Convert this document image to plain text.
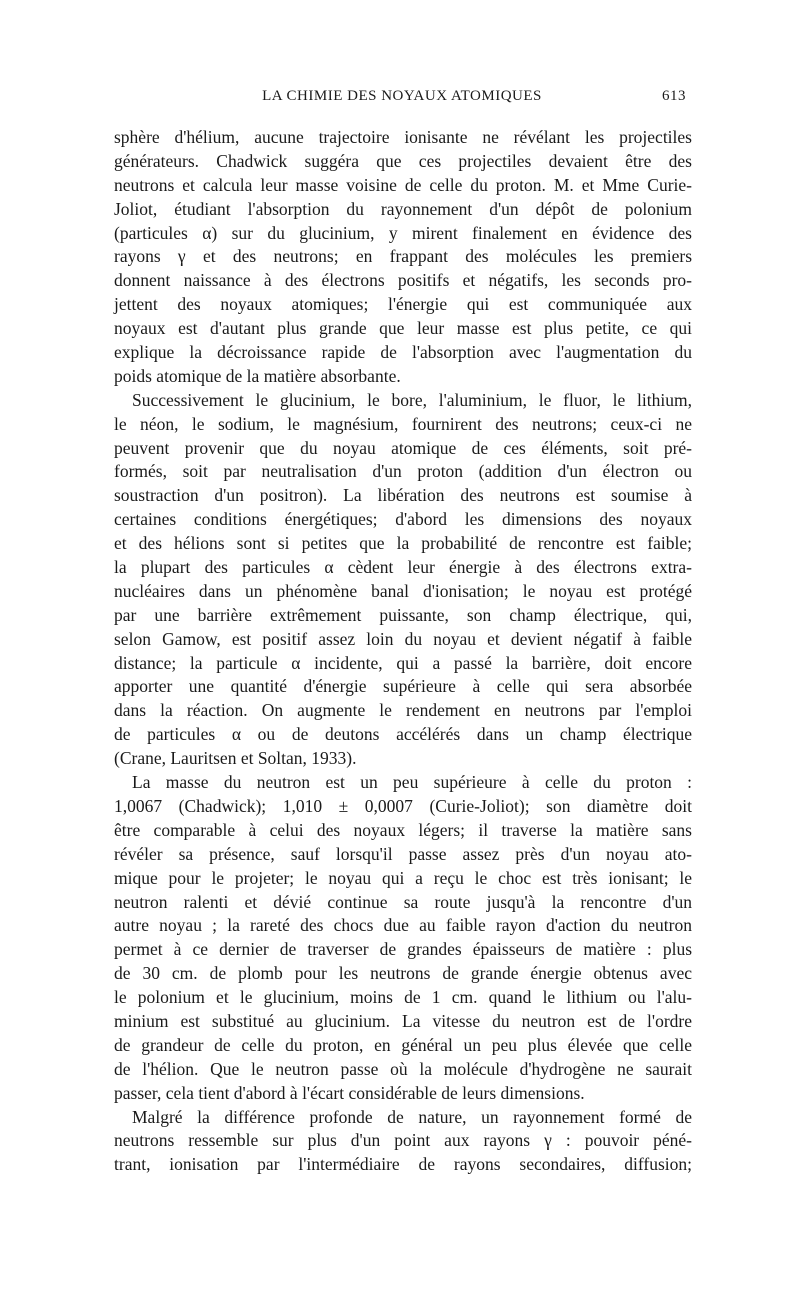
LA CHIMIE DES NOYAUX ATOMIQUES	613
sphère d'hélium, aucune trajectoire ionisante ne révélant les projectiles
générateurs. Chadwick suggéra que ces projectiles devaient être des
neutrons et calcula leur masse voisine de celle du proton. M. et Mme Curie-
Joliot, étudiant l'absorption du rayonnement d'un dépôt de polonium
(particules α) sur du glucinium, y mirent finalement en évidence des
rayons γ et des neutrons; en frappant des molécules les premiers
donnent naissance à des électrons positifs et négatifs, les seconds pro-
jettent des noyaux atomiques; l'énergie qui est communiquée aux
noyaux est d'autant plus grande que leur masse est plus petite, ce qui
explique la décroissance rapide de l'absorption avec l'augmentation du
poids atomique de la matière absorbante.
Successivement le glucinium, le bore, l'aluminium, le fluor, le lithium,
le néon, le sodium, le magnésium, fournirent des neutrons; ceux-ci ne
peuvent provenir que du noyau atomique de ces éléments, soit pré-
formés, soit par neutralisation d'un proton (addition d'un électron ou
soustraction d'un positron). La libération des neutrons est soumise à
certaines conditions énergétiques; d'abord les dimensions des noyaux
et des hélions sont si petites que la probabilité de rencontre est faible;
la plupart des particules α cèdent leur énergie à des électrons extra-
nucléaires dans un phénomène banal d'ionisation; le noyau est protégé
par une barrière extrêmement puissante, son champ électrique, qui,
selon Gamow, est positif assez loin du noyau et devient négatif à faible
distance; la particule α incidente, qui a passé la barrière, doit encore
apporter une quantité d'énergie supérieure à celle qui sera absorbée
dans la réaction. On augmente le rendement en neutrons par l'emploi
de particules α ou de deutons accélérés dans un champ électrique
(Crane, Lauritsen et Soltan, 1933).
La masse du neutron est un peu supérieure à celle du proton :
1,0067 (Chadwick); 1,010 ± 0,0007 (Curie-Joliot); son diamètre doit
être comparable à celui des noyaux légers; il traverse la matière sans
révéler sa présence, sauf lorsqu'il passe assez près d'un noyau ato-
mique pour le projeter; le noyau qui a reçu le choc est très ionisant; le
neutron ralenti et dévié continue sa route jusqu'à la rencontre d'un
autre noyau ; la rareté des chocs due au faible rayon d'action du neutron
permet à ce dernier de traverser de grandes épaisseurs de matière : plus
de 30 cm. de plomb pour les neutrons de grande énergie obtenus avec
le polonium et le glucinium, moins de 1 cm. quand le lithium ou l'alu-
minium est substitué au glucinium. La vitesse du neutron est de l'ordre
de grandeur de celle du proton, en général un peu plus élevée que celle
de l'hélion. Que le neutron passe où la molécule d'hydrogène ne saurait
passer, cela tient d'abord à l'écart considérable de leurs dimensions.
Malgré la différence profonde de nature, un rayonnement formé de
neutrons ressemble sur plus d'un point aux rayons γ : pouvoir péné-
trant, ionisation par l'intermédiaire de rayons secondaires, diffusion;
